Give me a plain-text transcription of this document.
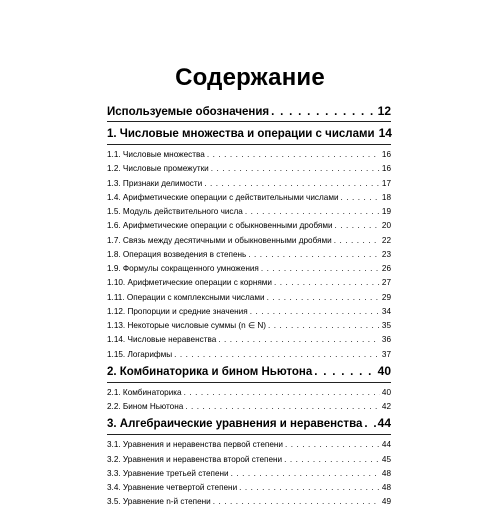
Содержание
Используемые обозначения . . .	12
1. Числовые множества и операции с числами 14
1.1. Числовые множества . . .	16
1.2. Числовые промежутки . . .	16
1.3. Признаки делимости . . .	17
1.4. Арифметические операции с действительными числами . . .	18
1.5. Модуль действительного числа . . .	19
1.6. Арифметические операции с обыкновенными дробями . . .	20
1.7. Связь между десятичными и обыкновенными дробями . . .	22
1.8. Операция возведения в степень . . .	23
1.9. Формулы сокращенного умножения . . .	26
1.10. Арифметические операции с корнями . . .	27
1.11. Операции с комплексными числами . . .	29
1.12. Пропорции и средние значения . . .	34
1.13. Некоторые числовые суммы (n ∈ N) . . .	35
1.14. Числовые неравенства . . .	36
1.15. Логарифмы . . .	37
2. Комбинаторика и бином Ньютона . . .	40
2.1. Комбинаторика . . .	40
2.2. Бином Ньютона . . .	42
3. Алгебраические уравнения и неравенства . . . 44
3.1. Уравнения и неравенства первой степени . . .	44
3.2. Уравнения и неравенства второй степени . . .	45
3.3. Уравнение третьей степени . . .	48
3.4. Уравнение четвертой степени . . .	48
3.5. Уравнение n-й степени . . .	49
